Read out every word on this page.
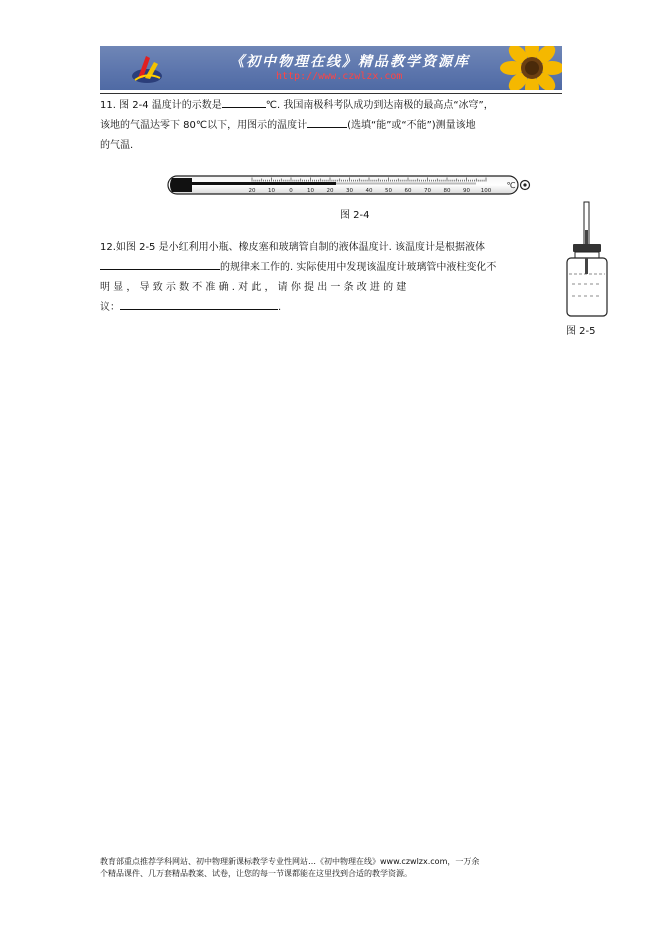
《初中物理在线》精品教学资源库
http://www.czwlzx.com
11. 图 2-4 温度计的示数是	℃. 我国南极科考队成功到达南极的最高点“冰穹”，
该地的气温达零下 80℃以下，用图示的温度计	(选填“能”或“不能”)测量该地
的气温.
20 10	0	10 20 30 40 50 60 70 80 90 100
℃
图 2-4
12.如图 2-5 是小红利用小瓶、橡皮塞和玻璃管自制的液体温度计. 该温度计是根据液体
的规律来工作的. 实际使用中发现该温度计玻璃管中液柱变化不
明 显 ， 导 致 示 数 不 准 确 . 对 此 ， 请 你 提 出 一 条 改 进 的 建
议：	.
图 2-5
教育部重点推荐学科网站、初中物理新课标教学专业性网站…《初中物理在线》www.czwlzx.com，一万余
个精品课件、几万套精品教案、试卷，让您的每一节课都能在这里找到合适的教学资源。
